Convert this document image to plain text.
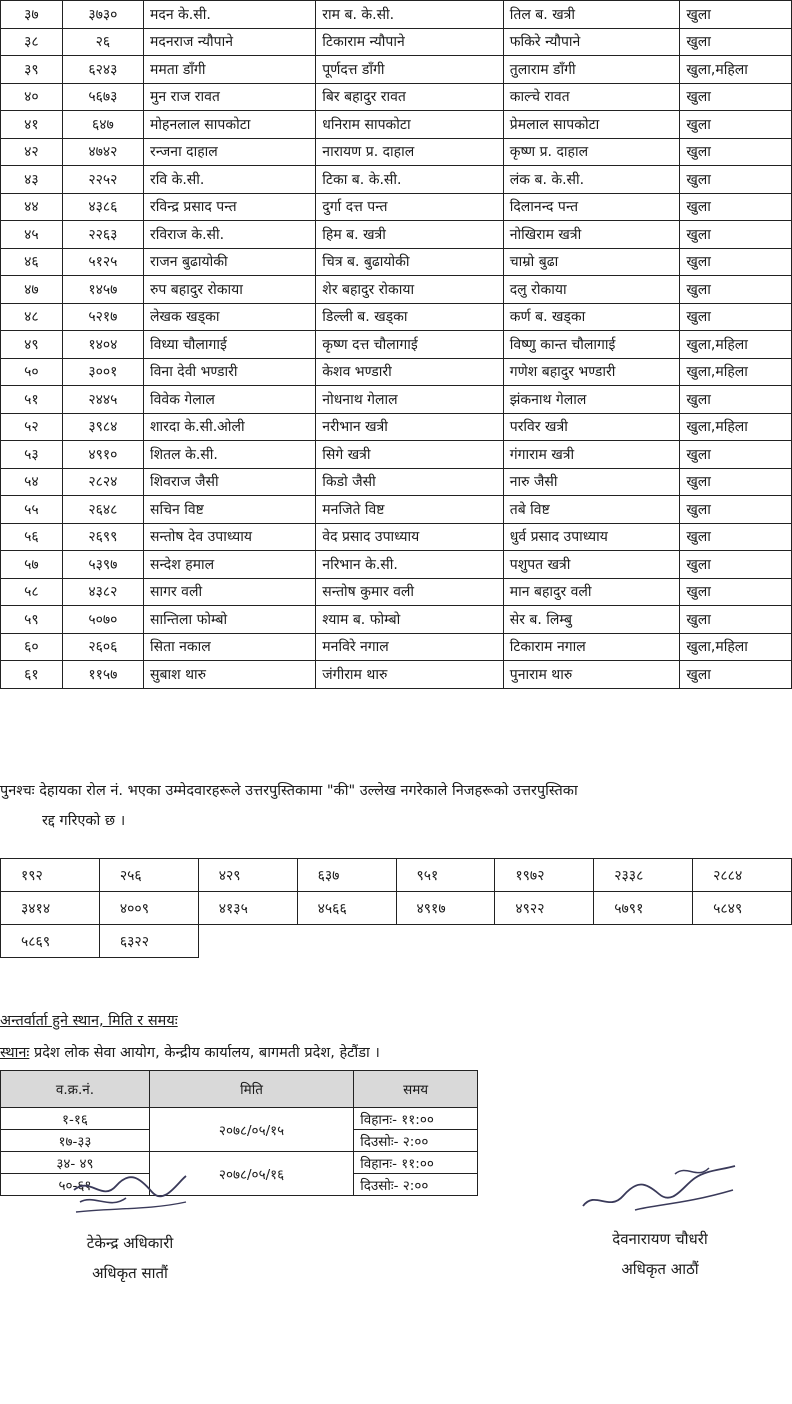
३७	३७३०	मदन के.सी.	राम ब. के.सी.	तिल ब. खत्री	खुला
३८	२६	मदनराज न्यौपाने	टिकाराम न्यौपाने	फकिरे न्यौपाने	खुला
३९	६२४३	ममता डाँगी	पूर्णदत्त डाँगी	तुलाराम डाँगी	खुला,महिला
४०	५६७३	मुन राज रावत	बिर बहादुर रावत	काल्चे रावत	खुला
४१	६४७	मोहनलाल सापकोटा	धनिराम सापकोटा	प्रेमलाल सापकोटा	खुला
४२	४७४२	रन्जना दाहाल	नारायण प्र. दाहाल	कृष्ण प्र. दाहाल	खुला
४३	२२५२	रवि के.सी.	टिका ब. के.सी.	लंक ब. के.सी.	खुला
४४	४३८६	रविन्द्र प्रसाद पन्त	दुर्गा दत्त पन्त	दिलानन्द पन्त	खुला
४५	२२६३	रविराज के.सी.	हिम ब. खत्री	नोखिराम खत्री	खुला
४६	५१२५	राजन बुढायोकी	चित्र ब. बुढायोकी	चाम्रो बुढा	खुला
४७	१४५७	रुप बहादुर रोकाया	शेर बहादुर रोकाया	दलु रोकाया	खुला
४८	५२१७	लेखक खड्का	डिल्ली ब. खड्का	कर्ण ब. खड्का	खुला
४९	१४०४	विध्या चौलागाई	कृष्ण दत्त चौलागाई	विष्णु कान्त चौलागाई	खुला,महिला
५०	३००१	विना देवी भण्डारी	केशव भण्डारी	गणेश बहादुर भण्डारी	खुला,महिला
५१	२४४५	विवेक गेलाल	नोधनाथ गेलाल	झंकनाथ गेलाल	खुला
५२	३९८४	शारदा के.सी.ओली	नरीभान खत्री	परविर खत्री	खुला,महिला
५३	४९१०	शितल के.सी.	सिगे खत्री	गंगाराम खत्री	खुला
५४	२८२४	शिवराज जैसी	किडो जैसी	नारु जैसी	खुला
५५	२६४८	सचिन विष्ट	मनजिते विष्ट	तबे विष्ट	खुला
५६	२६९९	सन्तोष देव उपाध्याय	वेद प्रसाद उपाध्याय	धुर्व प्रसाद उपाध्याय	खुला
५७	५३९७	सन्देश हमाल	नरिभान के.सी.	पशुपत खत्री	खुला
५८	४३८२	सागर वली	सन्तोष कुमार वली	मान बहादुर वली	खुला
५९	५०७०	सान्तिला फोम्बो	श्याम ब. फोम्बो	सेर ब. लिम्बु	खुला
६०	२६०६	सिता नकाल	मनविरे नगाल	टिकाराम नगाल	खुला,महिला
६१	११५७	सुबाश थारु	जंगीराम थारु	पुनाराम थारु	खुला
पुनश्चः देहायका रोल नं. भएका उम्मेदवारहरूले उत्तरपुस्तिकामा "की" उल्लेख नगरेकाले निजहरूको उत्तरपुस्तिका
रद्द गरिएको छ ।
१९२	२५६	४२९	६३७	९५१	१९७२	२३३८	२८८४
३४१४	४००९	४१३५	४५६६	४९१७	४९२२	५७९१	५८४९
५८६९	६३२२						
अन्तर्वार्ता हुने स्थान, मिति र समयः
स्थानः प्रदेश लोक सेवा आयोग, केन्द्रीय कार्यालय, बागमती प्रदेश, हेटौंडा ।
व.क्र.नं.	मिति	समय
१-१६	२०७८/०५/१५	विहानः- ११:००
१७-३३		दिउसोः- २:००
३४- ४९	२०७८/०५/१६	विहानः- ११:००
५०-६१		दिउसोः- २:००
टेकेन्द्र अधिकारी
अधिकृत सातौं
देवनारायण चौधरी
अधिकृत आठौं
